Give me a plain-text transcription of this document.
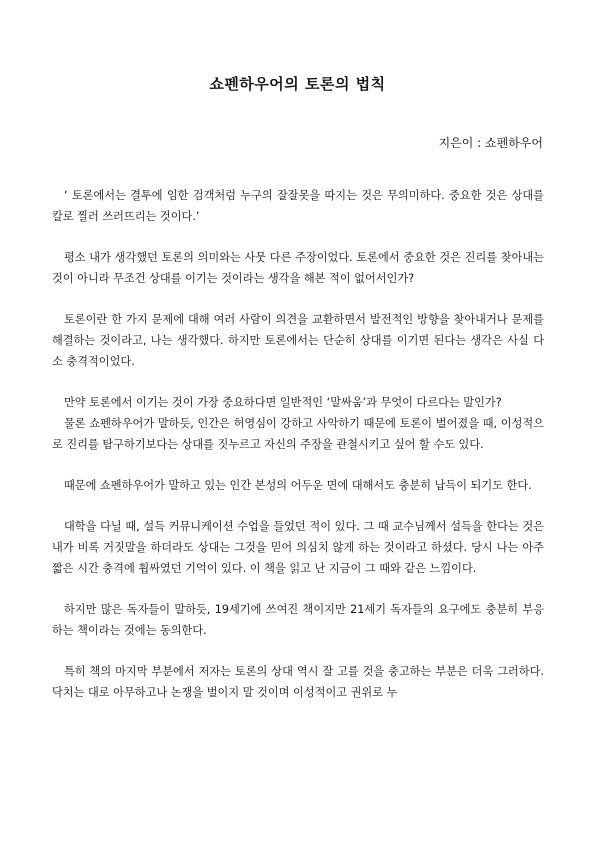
쇼펜하우어의 토론의 법칙
지은이 : 쇼펜하우어

‘ 토론에서는 결투에 임한 검객처럼 누구의 잘잘못을 따지는 것은 무의미하다. 중요한 것은 상대를 칼로 찔러 쓰러뜨리는 것이다.’

평소 내가 생각했던 토론의 의미와는 사뭇 다른 주장이었다. 토론에서 중요한 것은 진리를 찾아내는 것이 아니라 무조건 상대를 이기는 것이라는 생각을 해본 적이 없어서인가?

토론이란 한 가지 문제에 대해 여러 사람이 의견을 교환하면서 발전적인 방향을 찾아내거나 문제를 해결하는 것이라고, 나는 생각했다. 하지만 토론에서는 단순히 상대를 이기면 된다는 생각은 사실 다소 충격적이었다.

만약 토론에서 이기는 것이 가장 중요하다면 일반적인 ‘말싸움’과 무엇이 다르다는 말인가?

물론 쇼펜하우어가 말하듯, 인간은 허영심이 강하고 사악하기 때문에 토론이 벌어졌을 때, 이성적으로 진리를 탐구하기보다는 상대를 짓누르고 자신의 주장을 관철시키고 싶어 할 수도 있다.

때문에 쇼펜하우어가 말하고 있는 인간 본성의 어두운 면에 대해서도 충분히 납득이 되기도 한다.

대학을 다닐 때, 설득 커뮤니케이션 수업을 들었던 적이 있다. 그 때 교수님께서 설득을 한다는 것은 내가 비록 거짓말을 하더라도 상대는 그것을 믿어 의심치 않게 하는 것이라고 하셨다. 당시 나는 아주 짧은 시간 충격에 휩싸였던 기억이 있다. 이 책을 읽고 난 지금이 그 때와 같은 느낌이다.

하지만 많은 독자들이 말하듯, 19세기에 쓰여진 책이지만 21세기 독자들의 요구에도 충분히 부응하는 책이라는 것에는 동의한다.

특히 책의 마지막 부분에서 저자는 토론의 상대 역시 잘 고를 것을 충고하는 부분은 더욱 그러하다. 닥치는 대로 아무하고나 논쟁을 벌이지 말 것이며 이성적이고 권위로 누
